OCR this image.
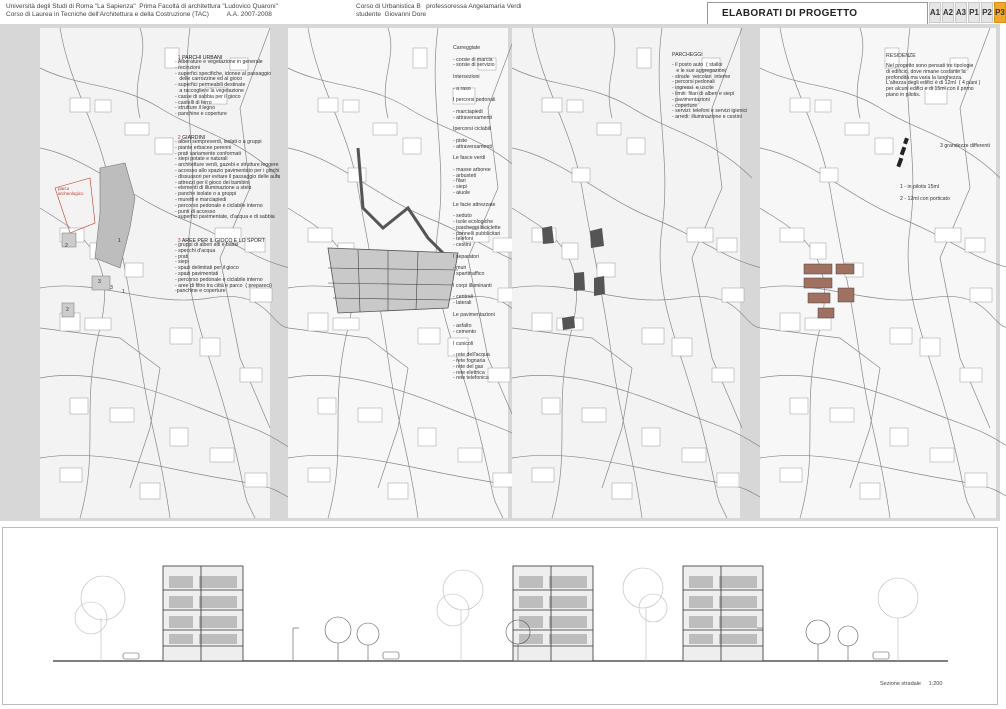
Università degli Studi di Roma "La Sapienza"  Prima Facoltà di architettura "Ludovico Quaroni"
Corso di Laurea in Tecniche dell'Architettura e della Costruzione (TAC)          A.A. 2007-2008
Corso di Urbanistica B   professoressa Angelamaria Verdi
studente  Giovanni Dore	ELABORATI DI PROGETTO	A1 A2 A3 P1 P2 P3
parco
archeologico
1
2
3
2
3
1

1 PARCHI URBANI

- Alberature e vegetazione in generale
- recinzioni
- superfici specifiche, idonee al passaggio
delle carrozzine ed al gioco
- superfici permeabili destinate
a raccogliere la vegetazione
- casse di sabbia per il gioco
- castelli di ferro
- strutture il legno
- panchine e coperture

2 GIARDINI

- alberi sempreverdi, isolati o a gruppi
- piante erbacee perenni
- prati variamente conformati
- siepi potate e naturali
- architetture verdi, gazebi e strutture leggere
- accesso allo spazio pavimentato per i giochi
- dissuasori per evitare il passaggio delle auto
- attrezzi per il gioco dei bambini
- elementi di illuminazione a stelo
- panche isolate o a gruppi
- muretti e marciapiedi
- percorso pedonale e ciclabile interno
- punti di accesso
- superfici pavimentate, d'acqua e di sabbia

3 AREE PER IL GIOCO E LO SPORT

- gruppi di alberi alti e bassi
- specchi d'acqua
- prati
- siepi
- spazi delimitati per il gioco
- spazi pavimentati
- percorso pedonale e ciclabile interno
- aree di filtro tra città e parco  ( prepareci)
-panchine e coperture
Carreggiate

- corsie di marcia
- sorsie di servizio

Intersezioni

- a raso

I percorsi pedonali

- marciapiedi
- attraversamenti

Ipercorsi ciclabili

- piste
- attraversamenti

Le fasce verdi

- masse arboree
- arbusteti
- filari
- siepi
- aiuole

Le facie attrezzate

- seduto
- isole ecologiche
- parcheggi biciclette
- pannelli pubblicitari
- telefoni
- cestini

I separatori

- muri
- spartitraffico

I corpi illuminanti

- centrali
- laterali

Le pavimentazioni

- asfalto
- cemento

I cunicoli

- rete dell'acqua
- rete fognaria
- rete del gas
- rete elettrica
- rete telefonica
PARCHEGGI
- il posto auto  ( stalloi
e le sue aggregazioni
- strade  veicolari  interne
- percorsi pedonali
- ingressi  e uscite
- limiti: filari di alberi e siepi
- pavimentazioni
- coperture
- servizi: telefoni e servizi igienici
- arredi: illuminazione e cestini
RESIDENZE
Nel progetto sono pensati tre tipologie
di edificio, dove rimane costante la
profondità ma varia la lunghezza.
L'altezza degli edifici è di 12ml  ( 4 piani )
per alcuni edifici e di 15ml con il primo
piano in pilotis.
3 grandezze differenti
1 - in pilotis 15ml
2 - 12ml con porticato
Sezione stradale 1:200
